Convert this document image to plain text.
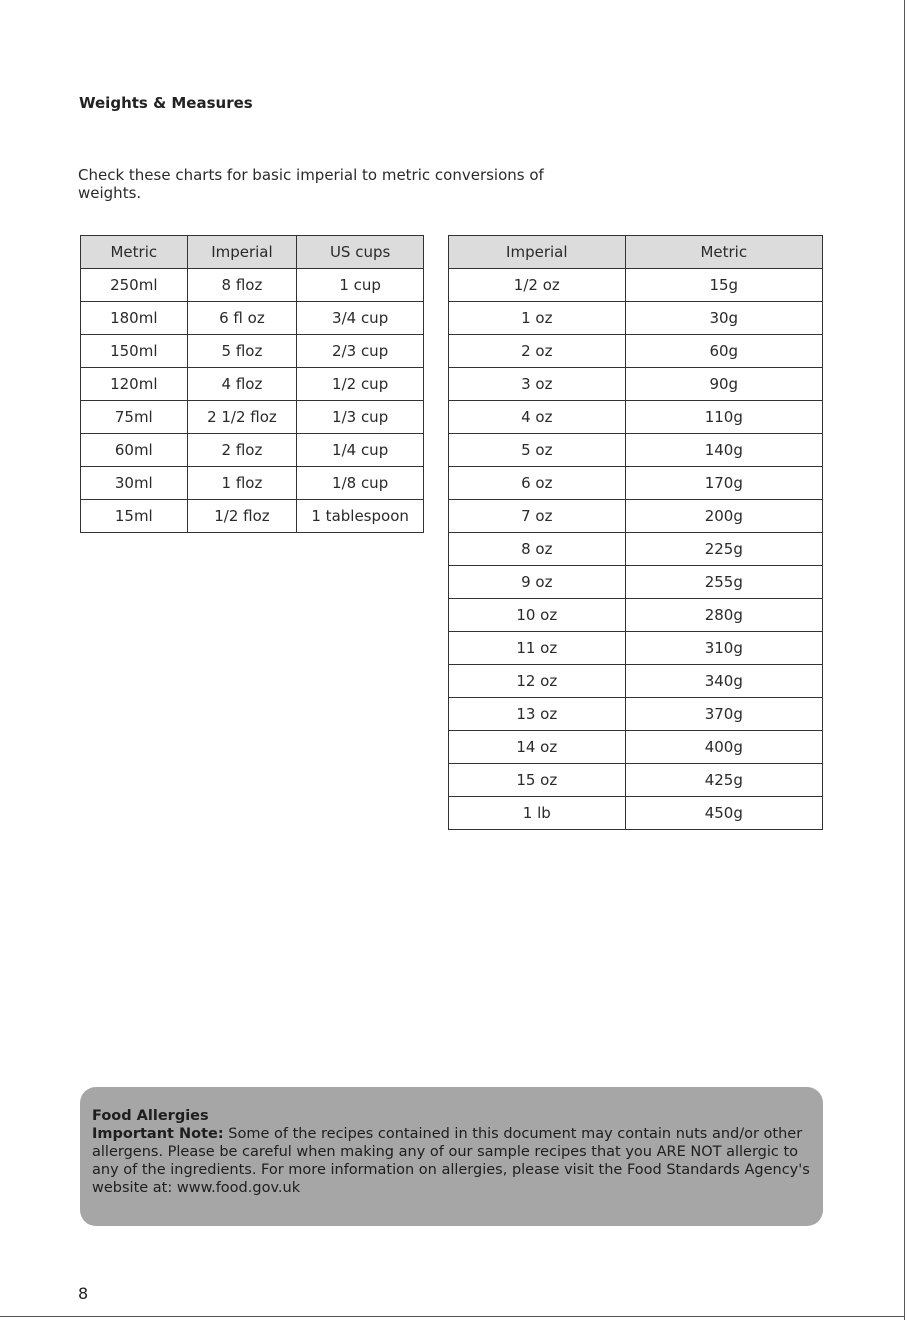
Weights & Measures
Check these charts for basic imperial to metric conversions of weights.
Metric	Imperial	US cups
250ml	8 floz	1 cup
180ml	6 fl oz	3/4 cup
150ml	5 floz	2/3 cup
120ml	4 floz	1/2 cup
75ml	2 1/2 floz	1/3 cup
60ml	2 floz	1/4 cup
30ml	1 floz	1/8 cup
15ml	1/2 floz	1 tablespoon
Imperial	Metric
1/2 oz	15g
1 oz	30g
2 oz	60g
3 oz	90g
4 oz	110g
5 oz	140g
6 oz	170g
7 oz	200g
8 oz	225g
9 oz	255g
10 oz	280g
11 oz	310g
12 oz	340g
13 oz	370g
14 oz	400g
15 oz	425g
1 lb	450g
Food Allergies
Important Note: Some of the recipes contained in this document may contain nuts and/or other allergens. Please be careful when making any of our sample recipes that you ARE NOT allergic to any of the ingredients. For more information on allergies, please visit the Food Standards Agency's website at: www.food.gov.uk
8
